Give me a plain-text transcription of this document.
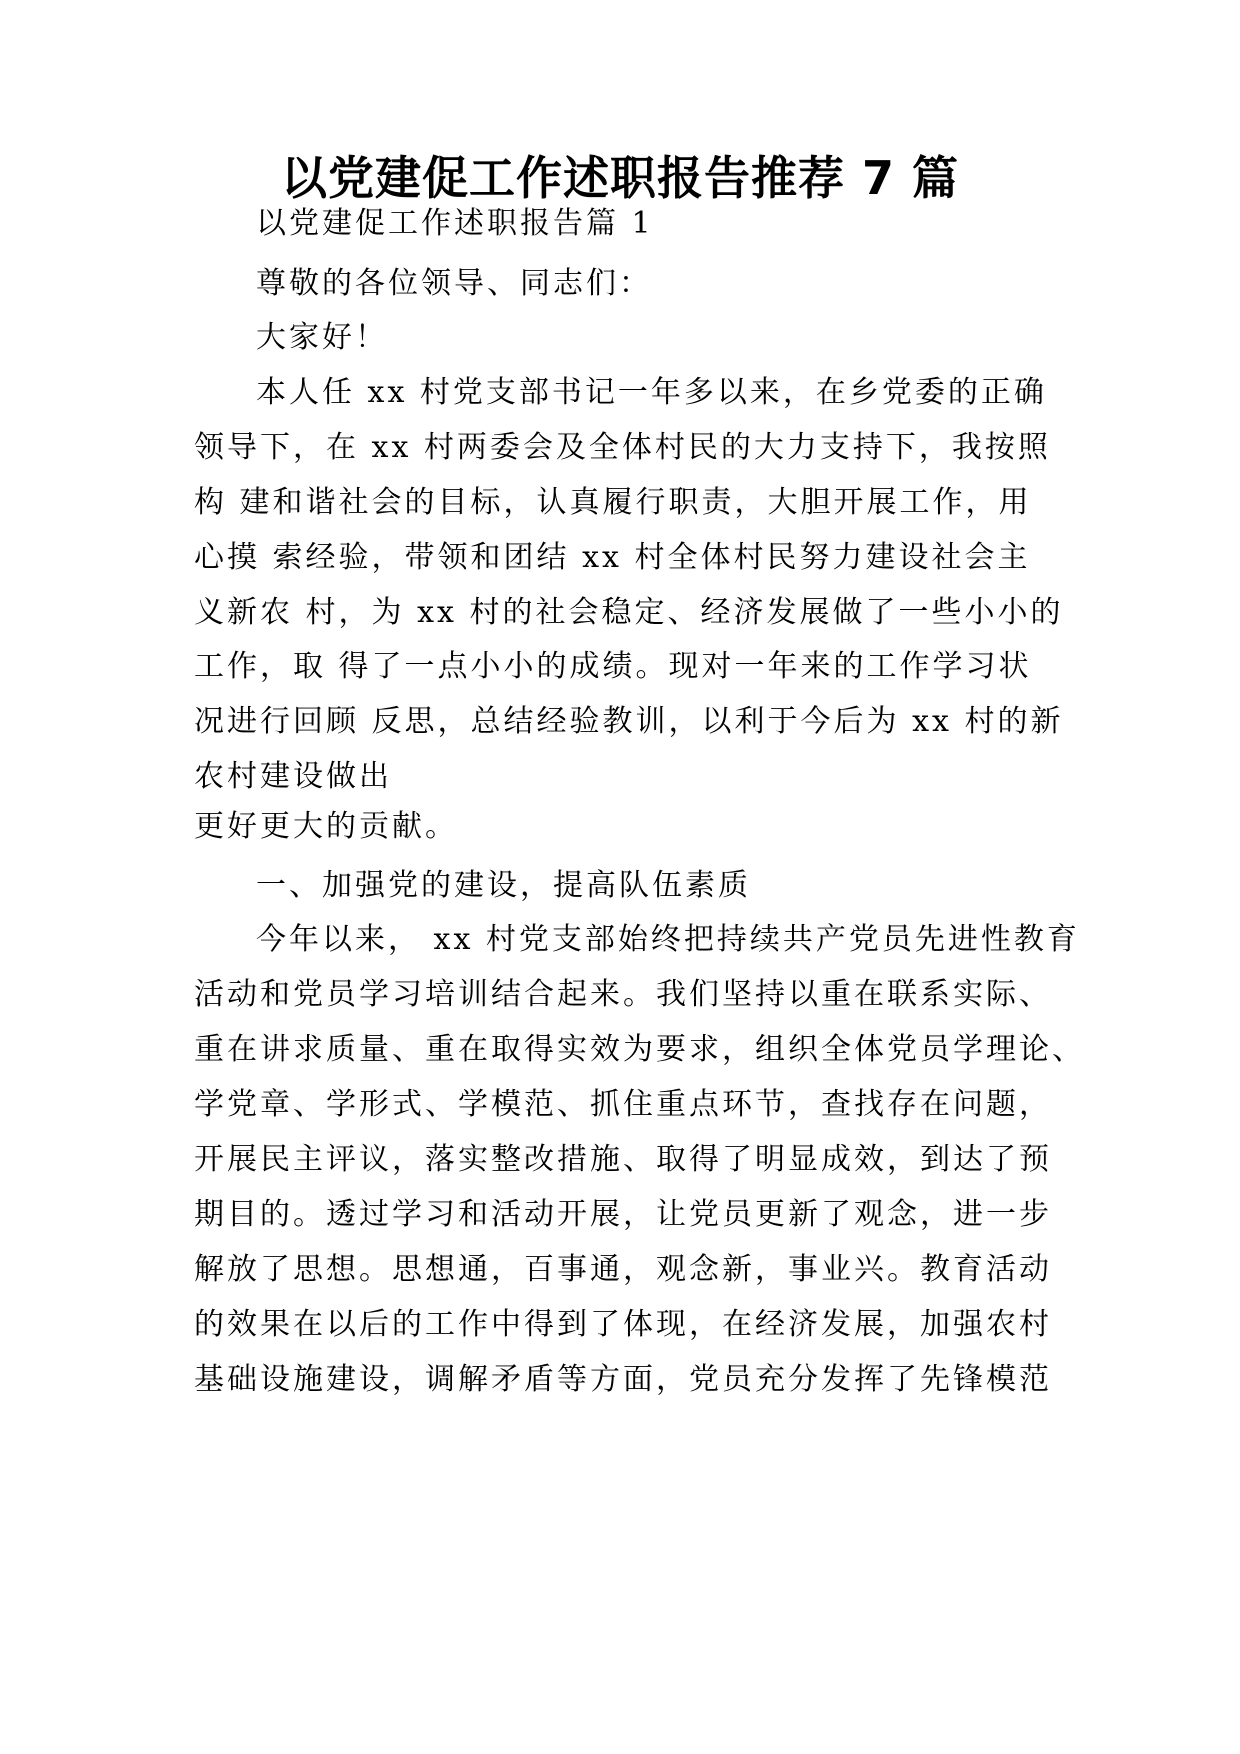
以党建促工作述职报告推荐 7 篇

以党建促工作述职报告篇 1

尊敬的各位领导、同志们：

大家好！

本人任 xx 村党支部书记一年多以来，在乡党委的正确

领导下，在 xx 村两委会及全体村民的大力支持下，我按照

构 建和谐社会的目标，认真履行职责，大胆开展工作，用

心摸 索经验，带领和团结 xx 村全体村民努力建设社会主

义新农 村，为 xx 村的社会稳定、经济发展做了一些小小的

工作，取 得了一点小小的成绩。现对一年来的工作学习状

况进行回顾 反思，总结经验教训，以利于今后为 xx 村的新

农村建设做出

更好更大的贡献。

一、加强党的建设，提高队伍素质

今年以来， xx 村党支部始终把持续共产党员先进性教育

活动和党员学习培训结合起来。我们坚持以重在联系实际、

重在讲求质量、重在取得实效为要求，组织全体党员学理论、

学党章、学形式、学模范、抓住重点环节，查找存在问题，

开展民主评议，落实整改措施、取得了明显成效，到达了预

期目的。透过学习和活动开展，让党员更新了观念，进一步

解放了思想。思想通，百事通，观念新，事业兴。教育活动

的效果在以后的工作中得到了体现，在经济发展，加强农村

基础设施建设，调解矛盾等方面，党员充分发挥了先锋模范
